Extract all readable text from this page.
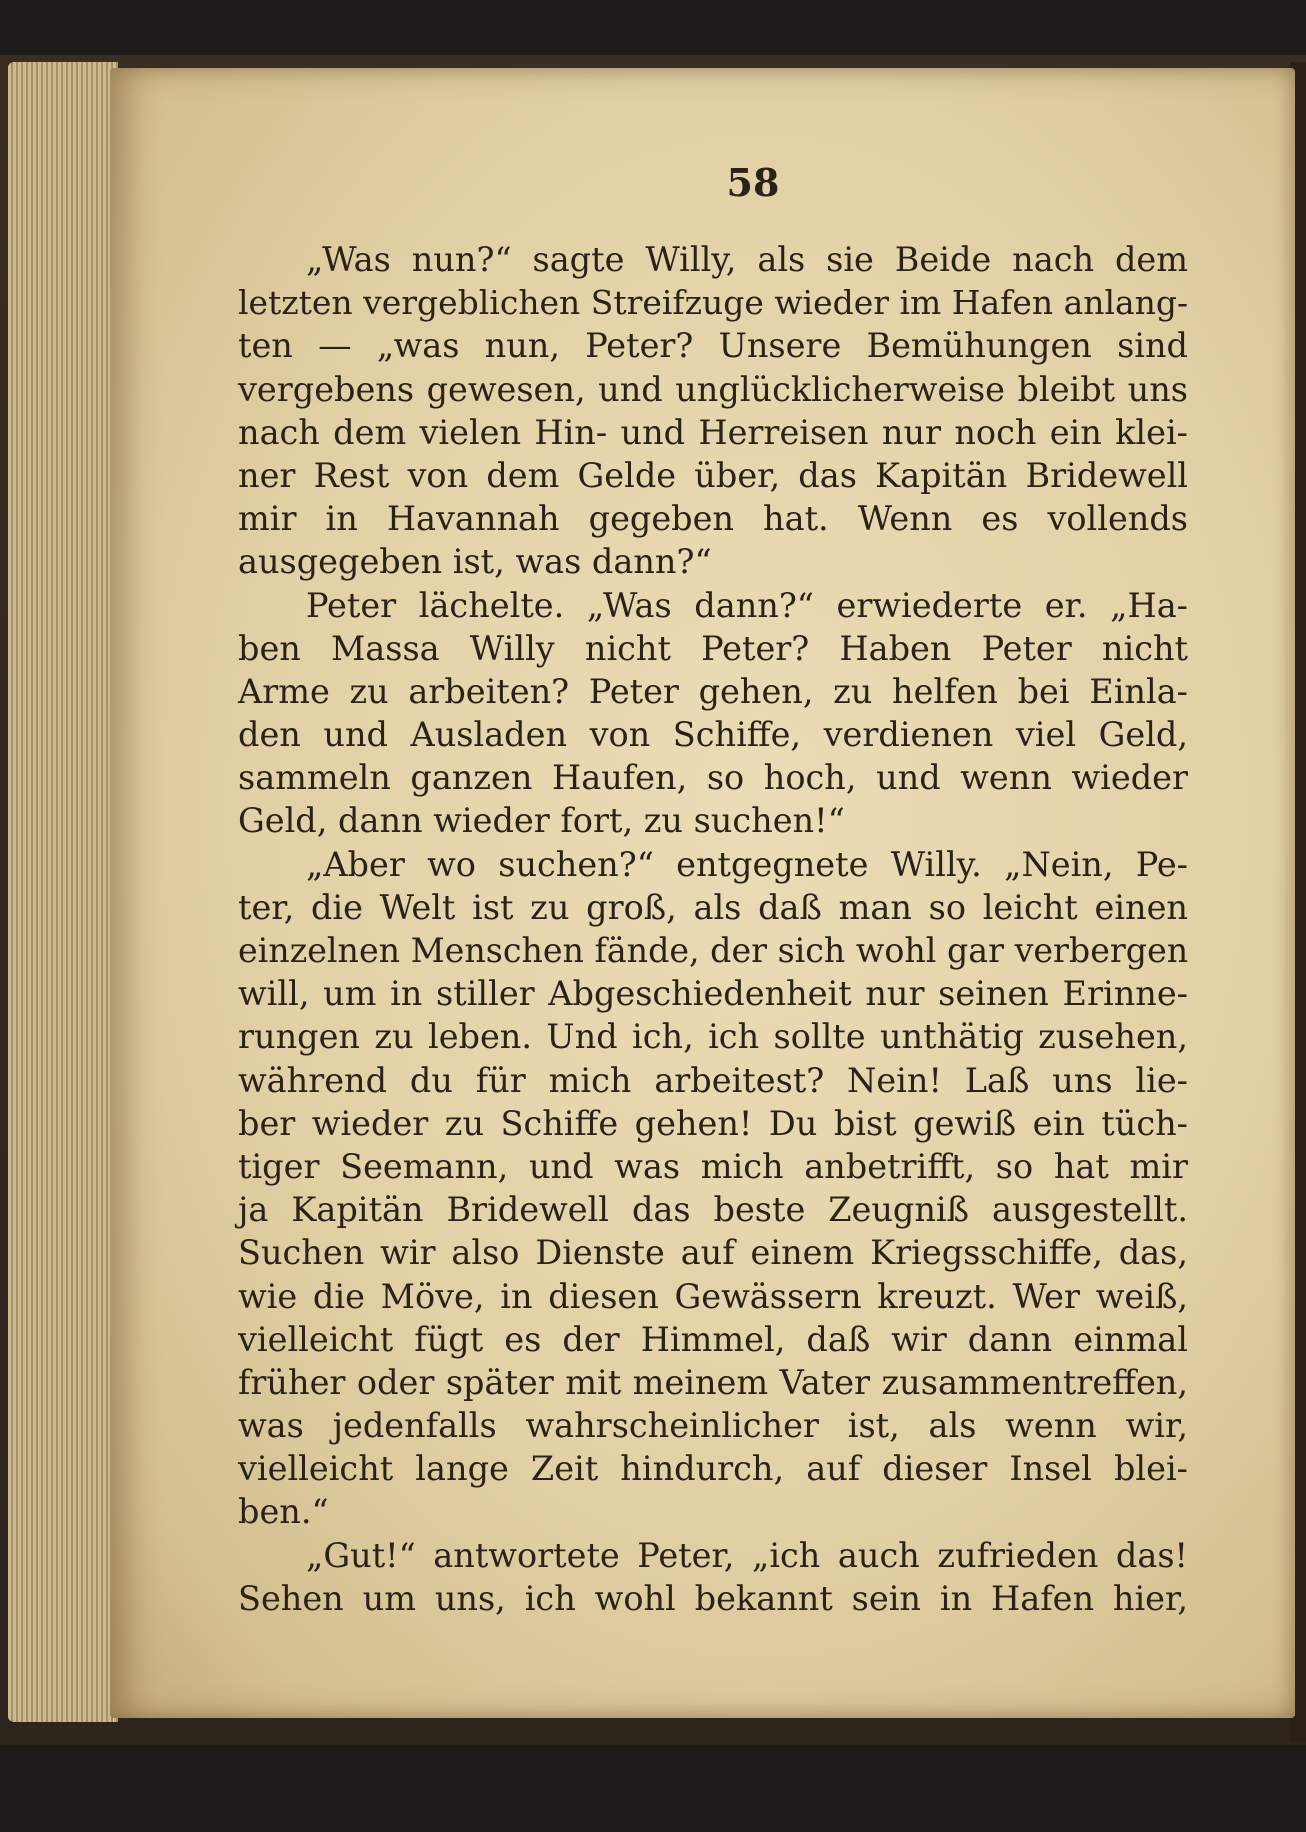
58
„Was nun?“ sagte Willy, als sie Beide nach dem
letzten vergeblichen Streifzuge wieder im Hafen anlang-
ten — „was nun, Peter? Unsere Bemühungen sind
vergebens gewesen, und unglücklicherweise bleibt uns
nach dem vielen Hin- und Herreisen nur noch ein klei-
ner Rest von dem Gelde über, das Kapitän Bridewell
mir in Havannah gegeben hat. Wenn es vollends
ausgegeben ist, was dann?“
Peter lächelte. „Was dann?“ erwiederte er. „Ha-
ben Massa Willy nicht Peter? Haben Peter nicht
Arme zu arbeiten? Peter gehen, zu helfen bei Einla-
den und Ausladen von Schiffe, verdienen viel Geld,
sammeln ganzen Haufen, so hoch, und wenn wieder
Geld, dann wieder fort, zu suchen!“
„Aber wo suchen?“ entgegnete Willy. „Nein, Pe-
ter, die Welt ist zu groß, als daß man so leicht einen
einzelnen Menschen fände, der sich wohl gar verbergen
will, um in stiller Abgeschiedenheit nur seinen Erinne-
rungen zu leben. Und ich, ich sollte unthätig zusehen,
während du für mich arbeitest? Nein! Laß uns lie-
ber wieder zu Schiffe gehen! Du bist gewiß ein tüch-
tiger Seemann, und was mich anbetrifft, so hat mir
ja Kapitän Bridewell das beste Zeugniß ausgestellt.
Suchen wir also Dienste auf einem Kriegsschiffe, das,
wie die Möve, in diesen Gewässern kreuzt. Wer weiß,
vielleicht fügt es der Himmel, daß wir dann einmal
früher oder später mit meinem Vater zusammentreffen,
was jedenfalls wahrscheinlicher ist, als wenn wir,
vielleicht lange Zeit hindurch, auf dieser Insel blei-
ben.“
„Gut!“ antwortete Peter, „ich auch zufrieden das!
Sehen um uns, ich wohl bekannt sein in Hafen hier,
